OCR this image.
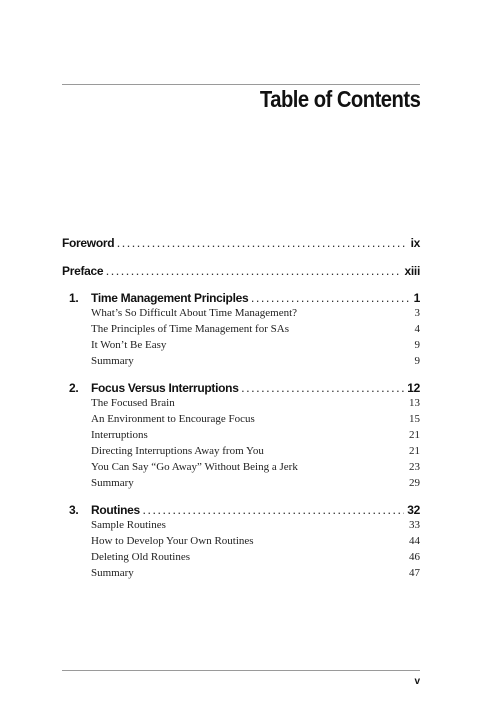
Table of Contents
Foreword . . .	ix
Preface . . .	xiii
1.	Time Management Principles . . .	1
What’s So Difficult About Time Management?	3
The Principles of Time Management for SAs	4
It Won’t Be Easy	9
Summary	9
2.	Focus Versus Interruptions . . .	12
The Focused Brain	13
An Environment to Encourage Focus	15
Interruptions	21
Directing Interruptions Away from You	21
You Can Say “Go Away” Without Being a Jerk	23
Summary	29
3.	Routines . . .	32
Sample Routines	33
How to Develop Your Own Routines	44
Deleting Old Routines	46
Summary	47
v
